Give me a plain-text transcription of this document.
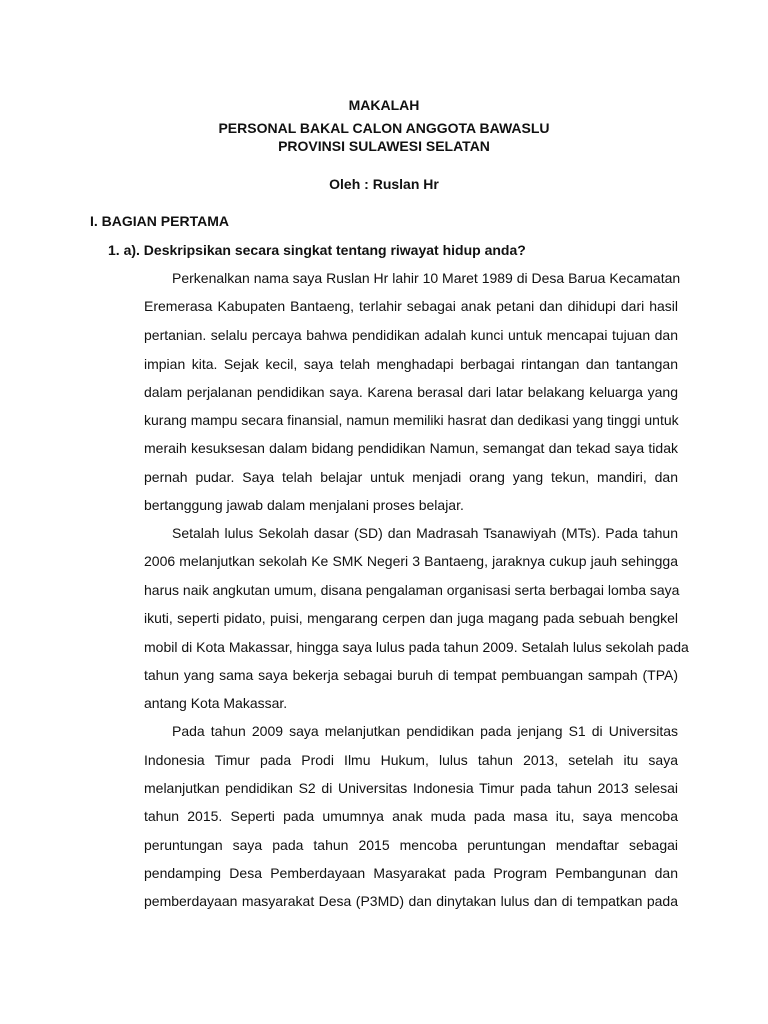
MAKALAH
PERSONAL BAKAL CALON ANGGOTA BAWASLU
PROVINSI SULAWESI SELATAN
Oleh : Ruslan Hr
I. BAGIAN PERTAMA
1. a). Deskripsikan secara singkat tentang riwayat hidup anda?
Perkenalkan nama saya Ruslan Hr lahir 10 Maret 1989 di Desa Barua Kecamatan
Eremerasa Kabupaten Bantaeng, terlahir sebagai anak petani dan dihidupi dari hasil
pertanian. selalu percaya bahwa pendidikan adalah kunci untuk mencapai tujuan dan
impian kita. Sejak kecil, saya telah menghadapi berbagai rintangan dan tantangan
dalam perjalanan pendidikan saya. Karena berasal dari latar belakang keluarga yang
kurang mampu secara finansial, namun memiliki hasrat dan dedikasi yang tinggi untuk
meraih kesuksesan dalam bidang pendidikan Namun, semangat dan tekad saya tidak
pernah pudar. Saya telah belajar untuk menjadi orang yang tekun, mandiri, dan
bertanggung jawab dalam menjalani proses belajar.
Setalah lulus Sekolah dasar (SD) dan Madrasah Tsanawiyah (MTs). Pada tahun
2006 melanjutkan sekolah Ke SMK Negeri 3 Bantaeng, jaraknya cukup jauh sehingga
harus naik angkutan umum, disana pengalaman organisasi serta berbagai lomba saya
ikuti, seperti pidato, puisi, mengarang cerpen dan juga magang pada sebuah bengkel
mobil di Kota Makassar, hingga saya lulus pada tahun 2009. Setalah lulus sekolah pada
tahun yang sama saya bekerja sebagai buruh di tempat pembuangan sampah (TPA)
antang Kota Makassar.
Pada tahun 2009 saya melanjutkan pendidikan pada jenjang S1 di Universitas
Indonesia Timur pada Prodi Ilmu Hukum, lulus tahun 2013, setelah itu saya
melanjutkan pendidikan S2 di Universitas Indonesia Timur pada tahun 2013 selesai
tahun 2015. Seperti pada umumnya anak muda pada masa itu, saya mencoba
peruntungan saya pada tahun 2015 mencoba peruntungan mendaftar sebagai
pendamping Desa Pemberdayaan Masyarakat pada Program Pembangunan dan
pemberdayaan masyarakat Desa (P3MD) dan dinytakan lulus dan di tempatkan pada
